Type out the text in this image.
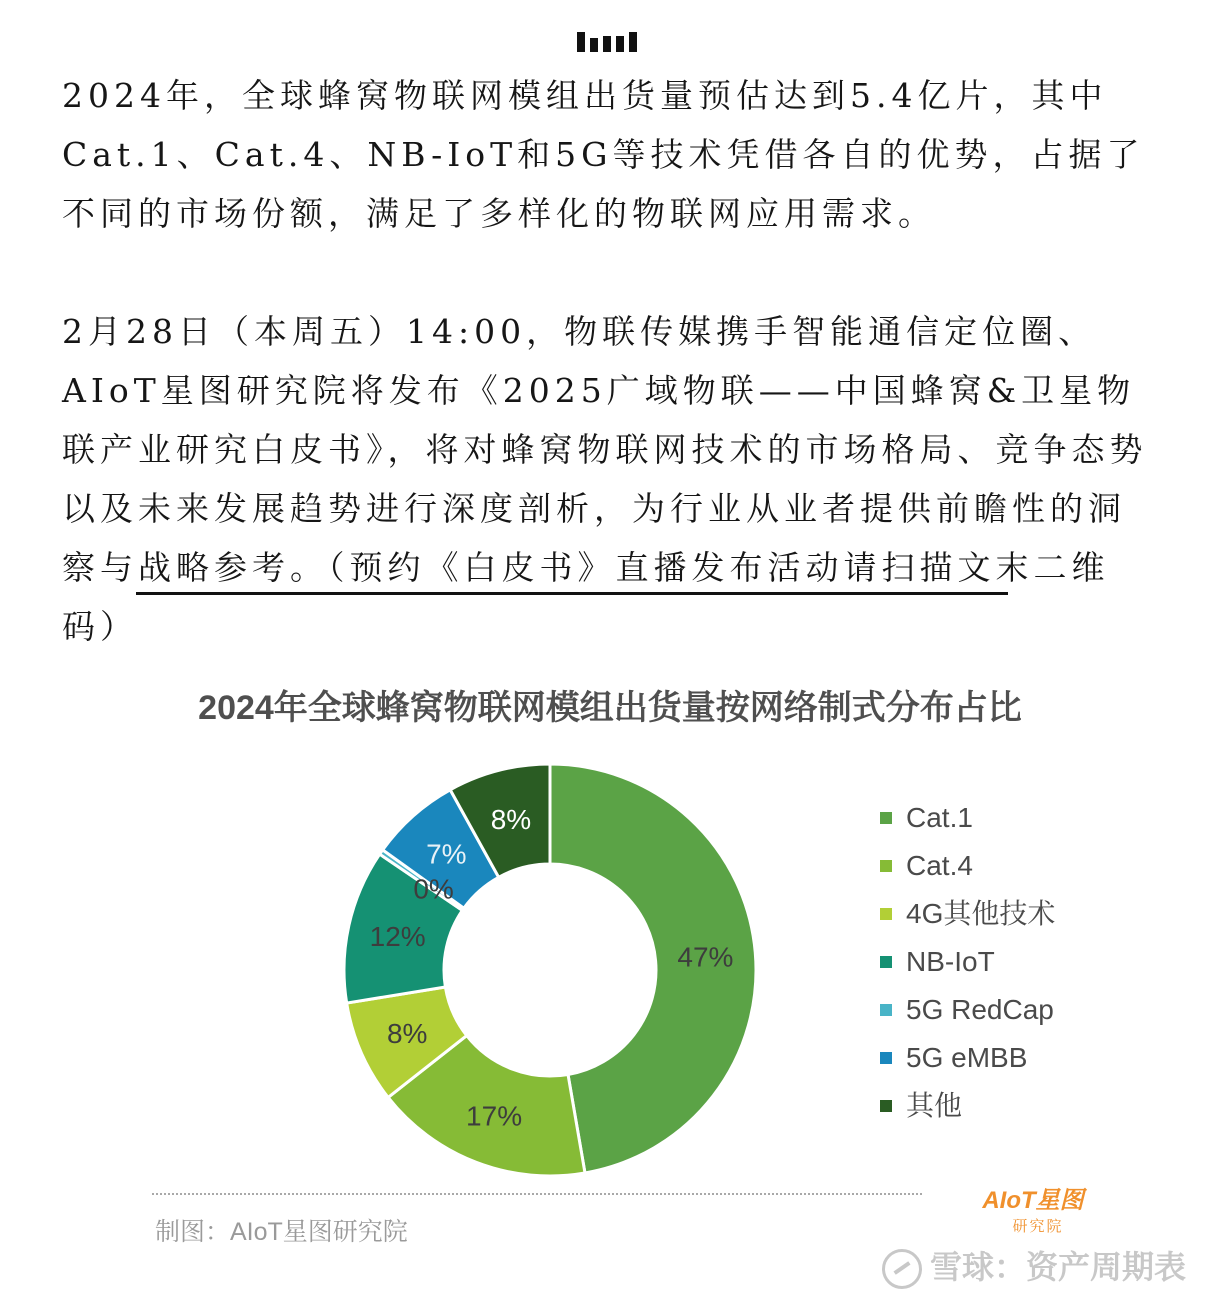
2024年，全球蜂窝物联网模组出货量预估达到5.4亿片，其中Cat.1、Cat.4、NB-IoT和5G等技术凭借各自的优势，占据了不同的市场份额，满足了多样化的物联网应用需求。

2月28日（本周五）14:00，物联传媒携手智能通信定位圈、AIoT星图研究院将发布《2025广域物联——中国蜂窝&卫星物联产业研究白皮书》，将对蜂窝物联网技术的市场格局、竞争态势以及未来发展趋势进行深度剖析，为行业从业者提供前瞻性的洞察与战略参考。（预约《白皮书》直播发布活动请扫描文末二维码）

2024年全球蜂窝物联网模组出货量按网络制式分布占比
47%
17%
8%
12%
0%
7%
8%	Cat.1
Cat.4
4G其他技术
NB-IoT
5G RedCap
5G eMBB
其他
制图：AIoT星图研究院
AIoT星图
研究院
雪球：资产周期表
